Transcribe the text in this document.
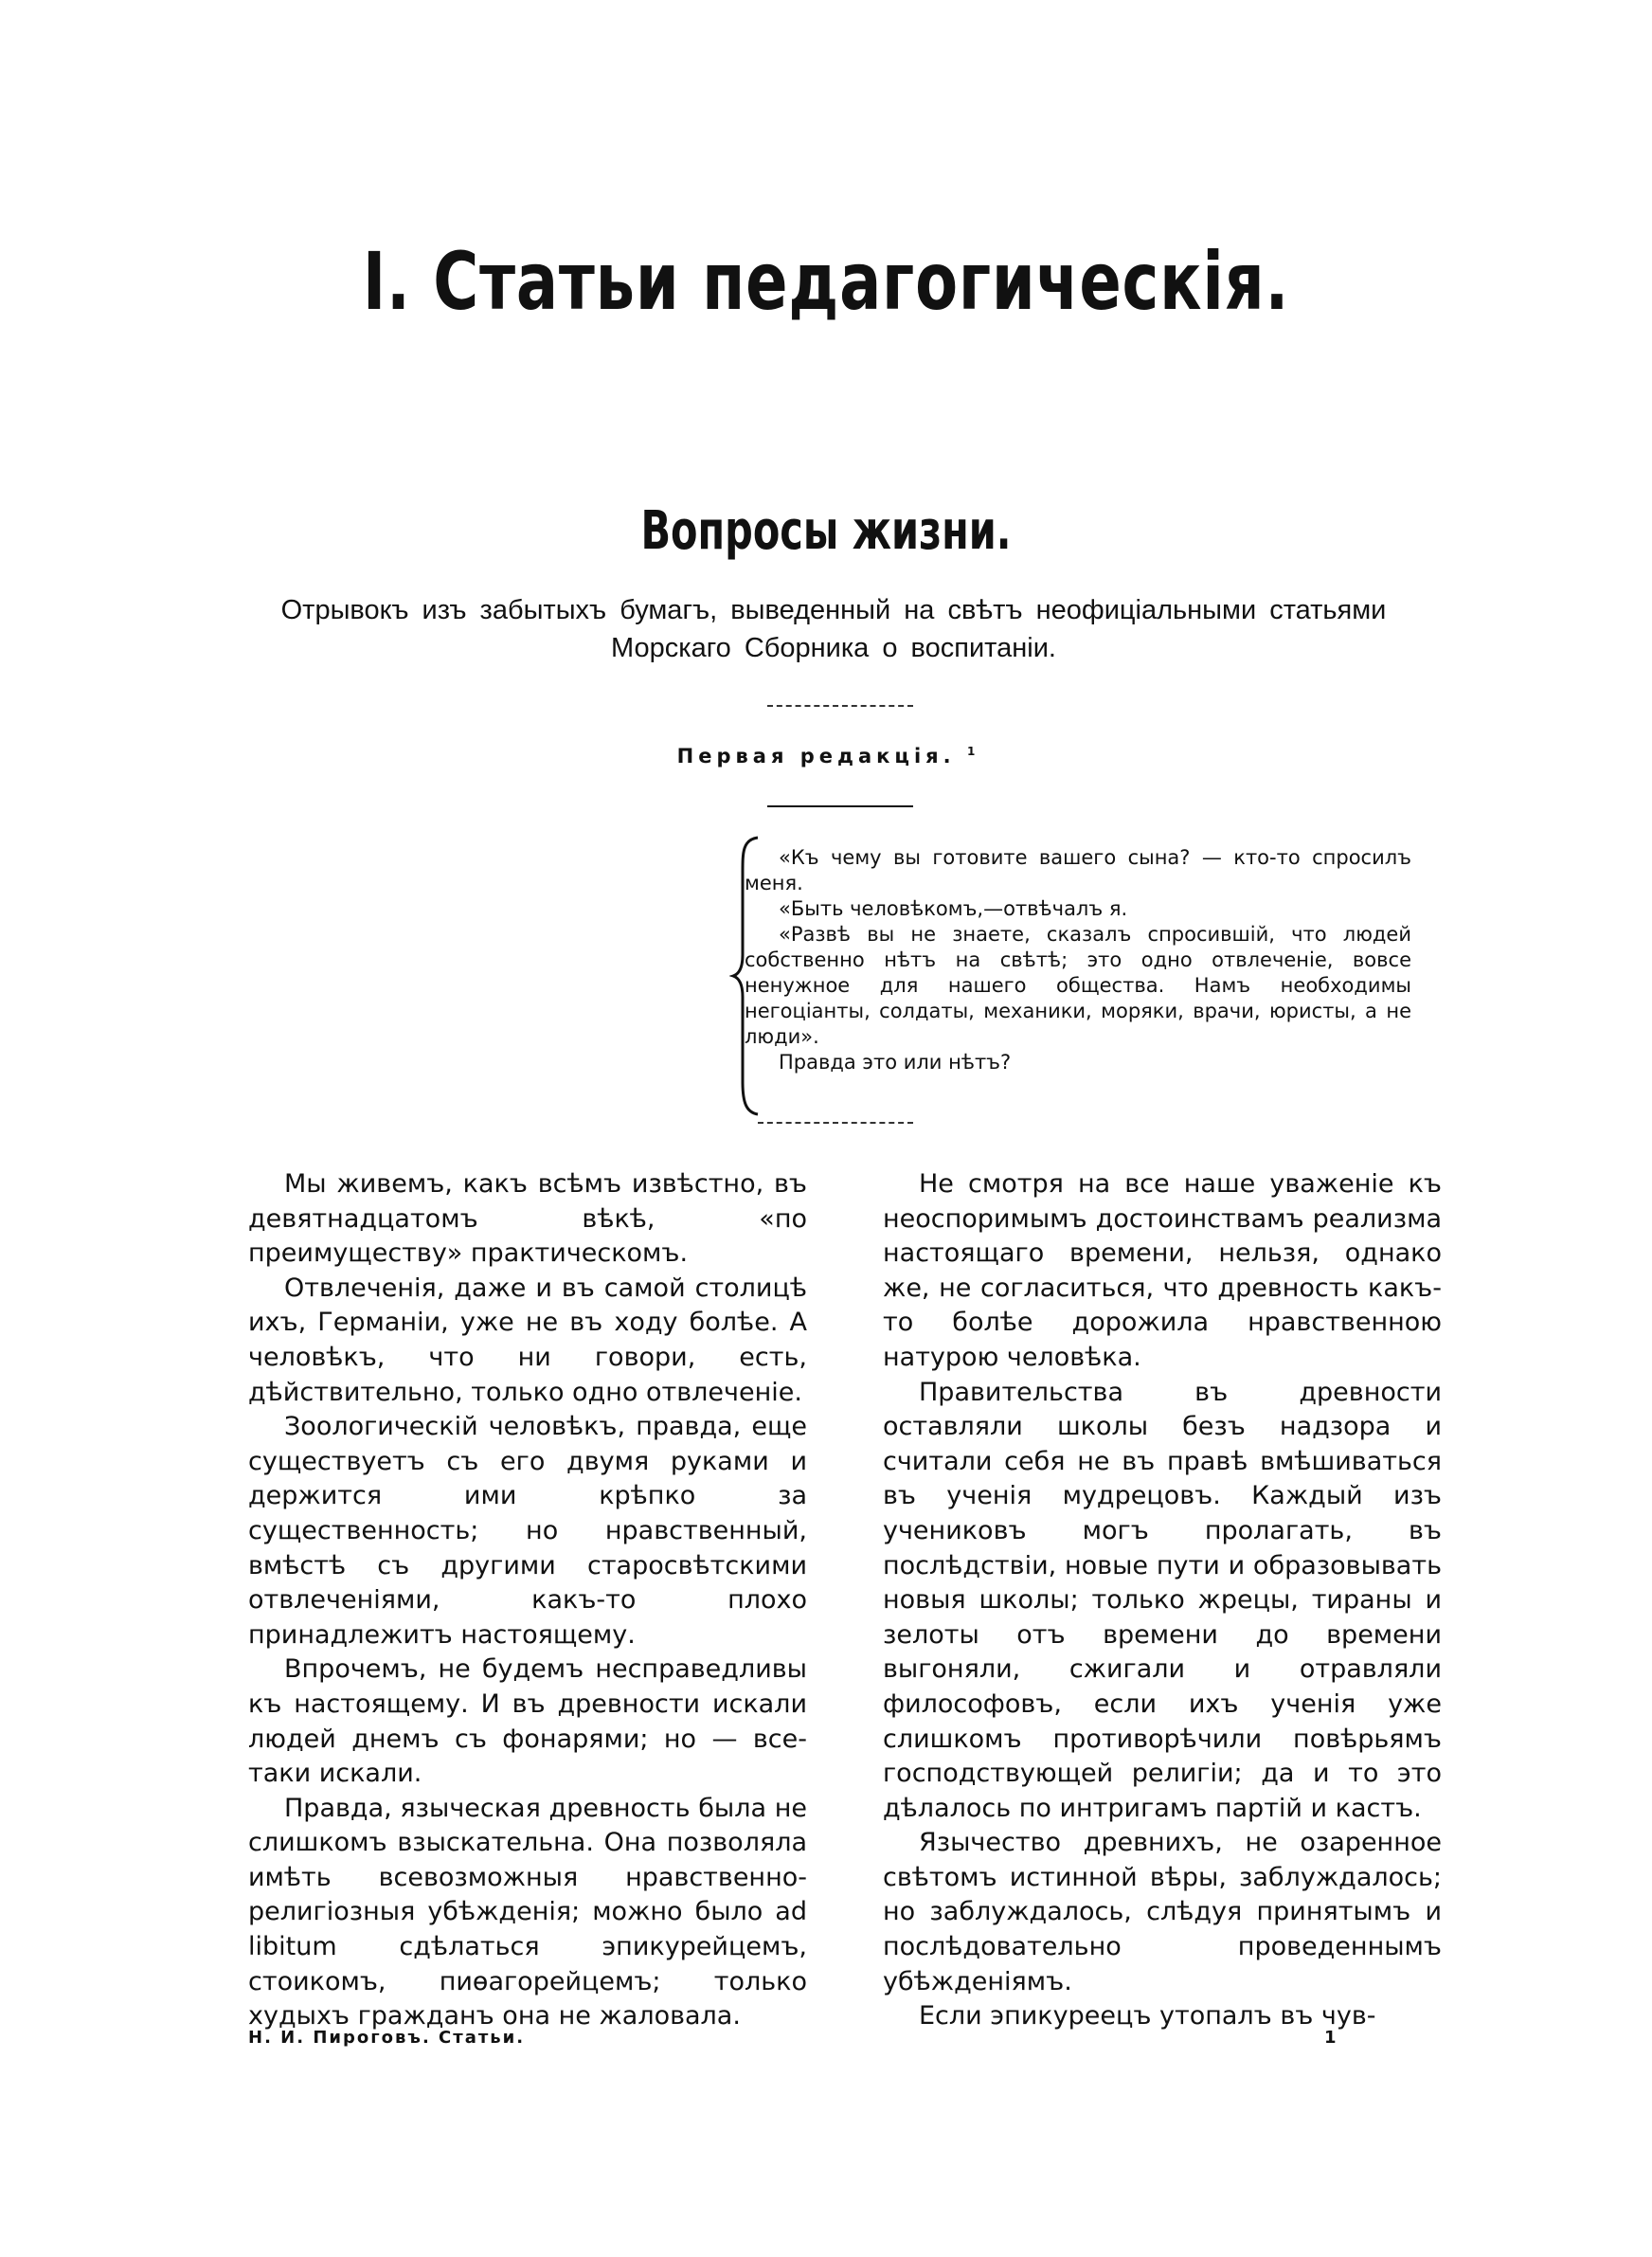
I. Статьи педагогическія.
Вопросы жизни.

Отрывокъ изъ забытыхъ бумагъ, выведенный на свѣтъ неофиціальными статьями Морскаго Сборника о воспитаніи.

Первая редакція. $^1$

«Къ чему вы готовите вашего сына? — кто-то спросилъ меня.

«Быть человѣкомъ,—отвѣчалъ я.

«Развѣ вы не знаете, сказалъ спросившій, что людей собственно нѣтъ на свѣтѣ; это одно отвлеченіе, вовсе ненужное для нашего общества. Намъ необходимы негоціанты, солдаты, механики, моряки, врачи, юристы, а не люди».

Правда это или нѣтъ?

Мы живемъ, какъ всѣмъ извѣстно, въ девятнадцатомъ вѣкѣ, «по преимуществу» практическомъ.

Отвлеченія, даже и въ самой столицѣ ихъ, Германіи, уже не въ ходу болѣе. А человѣкъ, что ни говори, есть, дѣйствительно, только одно отвлеченіе.

Зоологическій человѣкъ, правда, еще существуетъ съ его двумя руками и держится ими крѣпко за существенность; но нравственный, вмѣстѣ съ другими старосвѣтскими отвлеченіями, какъ-то плохо принадлежитъ настоящему.

Впрочемъ, не будемъ несправедливы къ настоящему. И въ древности искали людей днемъ съ фонарями; но — все-таки искали.

Правда, языческая древность была не слишкомъ взыскательна. Она позволяла имѣть всевозможныя нравственно-религіозныя убѣжденія; можно было ad libitum сдѣлаться эпикурейцемъ, стоикомъ, пиѳагорейцемъ; только худыхъ гражданъ она не жаловала.

Не смотря на все наше уваженіе къ неоспоримымъ достоинствамъ реализма настоящаго времени, нельзя, однако же, не согласиться, что древность какъ-то болѣе дорожила нравственною натурою человѣка.

Правительства въ древности оставляли школы безъ надзора и считали себя не въ правѣ вмѣшиваться въ ученія мудрецовъ. Каждый изъ учениковъ могъ пролагать, въ послѣдствіи, новые пути и образовывать новыя школы; только жрецы, тираны и зелоты отъ времени до времени выгоняли, сжигали и отравляли философовъ, если ихъ ученія уже слишкомъ противорѣчили повѣрьямъ господствующей религіи; да и то это дѣлалось по интригамъ партій и кастъ.

Язычество древнихъ, не озаренное свѣтомъ истинной вѣры, заблуждалось; но заблуждалось, слѣдуя принятымъ и послѣдовательно проведеннымъ убѣжденіямъ.

Если эпикуреецъ утопалъ въ чув-

Н. И. Пироговъ. Статьи.	1
